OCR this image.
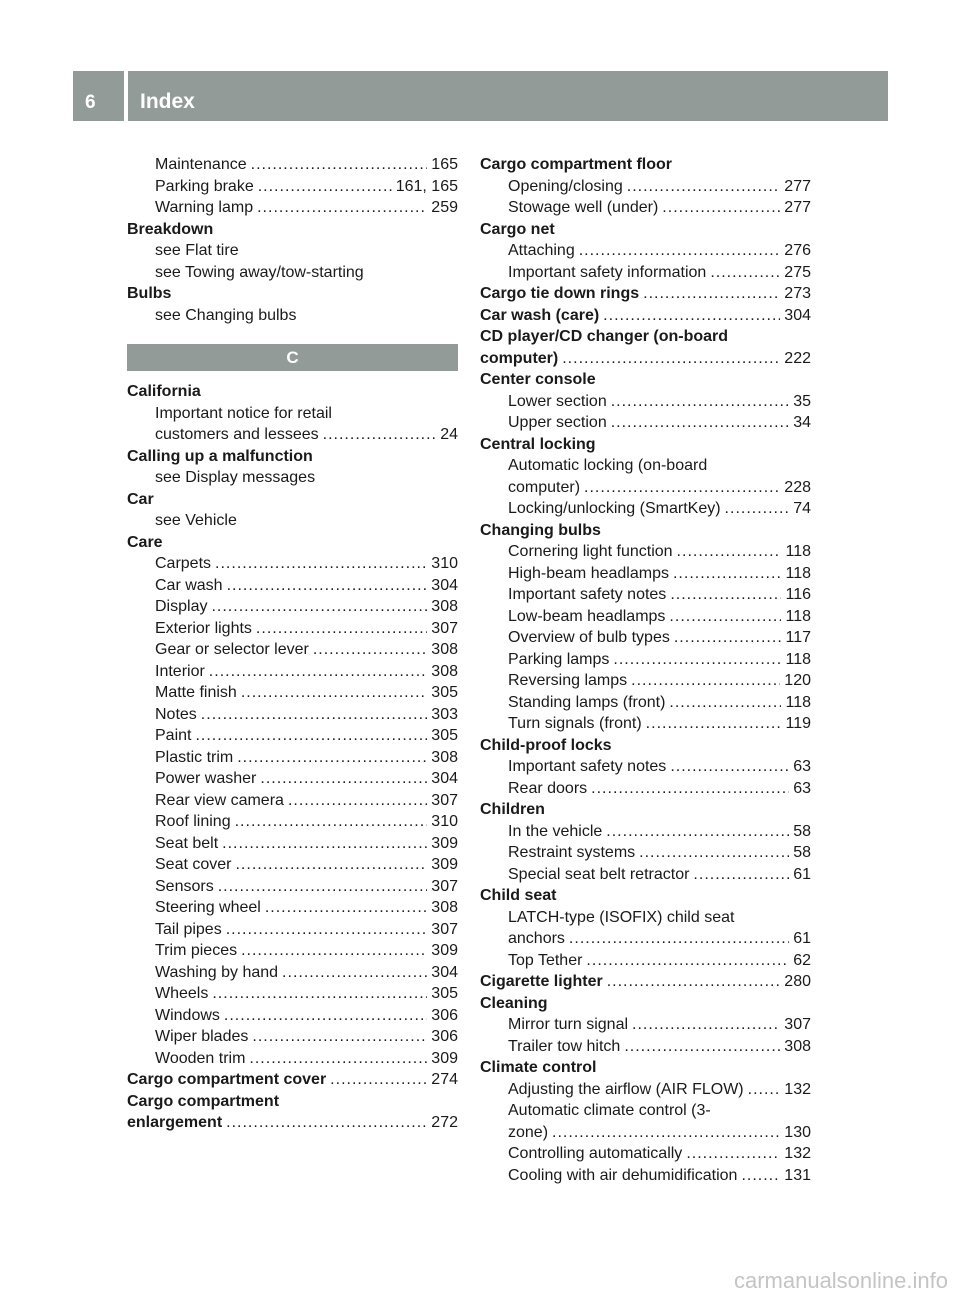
6 Index
Maintenance .....	165
Parking brake .....	161, 165
Warning lamp .....	259
Breakdown
see Flat tire
see Towing away/tow-starting
Bulbs
see Changing bulbs
C
California
Important notice for retail
customers and lessees .....	24
Calling up a malfunction
see Display messages
Car
see Vehicle
Care
Carpets .....	310
Car wash .....	304
Display .....	308
Exterior lights .....	307
Gear or selector lever .....	308
Interior .....	308
Matte finish .....	305
Notes .....	303
Paint .....	305
Plastic trim .....	308
Power washer .....	304
Rear view camera .....	307
Roof lining .....	310
Seat belt .....	309
Seat cover .....	309
Sensors .....	307
Steering wheel .....	308
Tail pipes .....	307
Trim pieces .....	309
Washing by hand .....	304
Wheels .....	305
Windows .....	306
Wiper blades .....	306
Wooden trim .....	309
Cargo compartment cover .....	274
Cargo compartment
enlargement .....	272
Cargo compartment floor
Opening/closing .....	277
Stowage well (under) .....	277
Cargo net
Attaching .....	276
Important safety information .....	275
Cargo tie down rings .....	273
Car wash (care) .....	304
CD player/CD changer (on-board
computer) .....	222
Center console
Lower section .....	35
Upper section .....	34
Central locking
Automatic locking (on-board
computer) .....	228
Locking/unlocking (SmartKey) .....	74
Changing bulbs
Cornering light function .....	118
High-beam headlamps .....	118
Important safety notes .....	116
Low-beam headlamps .....	118
Overview of bulb types .....	117
Parking lamps .....	118
Reversing lamps .....	120
Standing lamps (front) .....	118
Turn signals (front) .....	119
Child-proof locks
Important safety notes .....	63
Rear doors .....	63
Children
In the vehicle .....	58
Restraint systems .....	58
Special seat belt retractor .....	61
Child seat
LATCH-type (ISOFIX) child seat
anchors .....	61
Top Tether .....	62
Cigarette lighter .....	280
Cleaning
Mirror turn signal .....	307
Trailer tow hitch .....	308
Climate control
Adjusting the airflow (AIR FLOW) .....	132
Automatic climate control (3-
zone) .....	130
Controlling automatically .....	132
Cooling with air dehumidification .....	131
carmanualsonline.info
